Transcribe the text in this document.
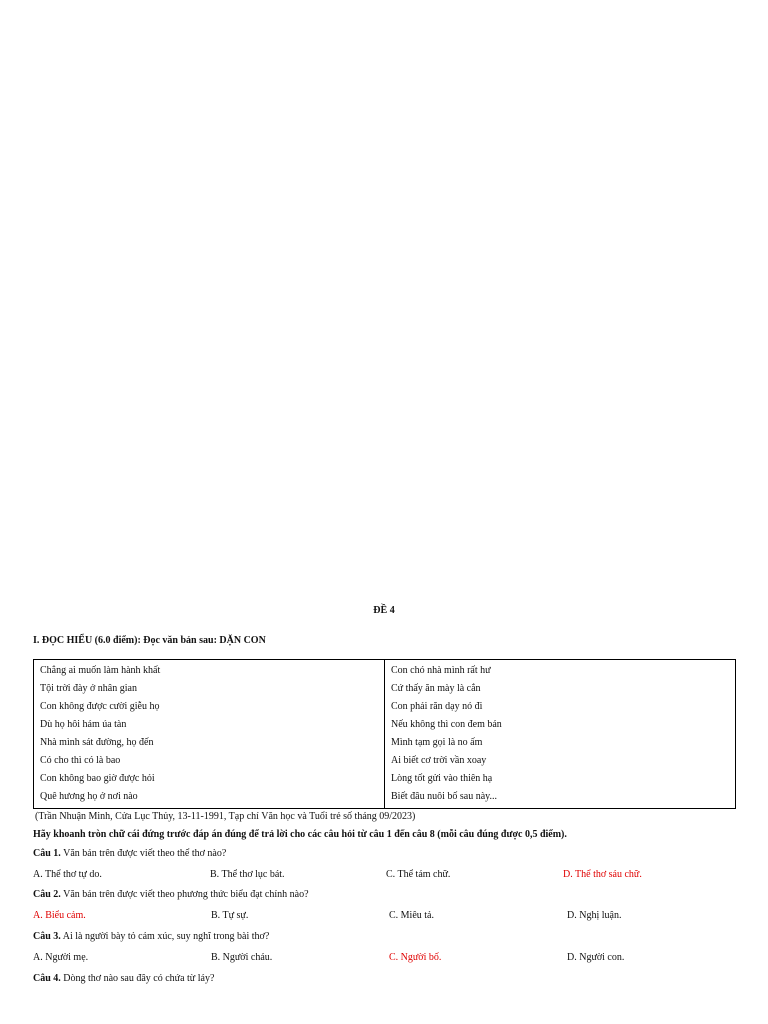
ĐỀ 4
I. ĐỌC HIỂU (6.0 điểm): Đọc văn bản sau: DẶN CON
Chẳng ai muốn làm hành khất
Tội trời đày ở nhân gian
Con không được cười giễu họ
Dù họ hôi hám úa tàn
Nhà mình sát đường, họ đến
Có cho thì có là bao
Con không bao giờ được hỏi
Quê hương họ ở nơi nào

Con chó nhà mình rất hư
Cứ thấy ăn mày là cắn
Con phải răn dạy nó đi
Nếu không thì con đem bán
Mình tạm gọi là no ấm
Ai biết cơ trời vần xoay
Lòng tốt gửi vào thiên hạ
Biết đâu nuôi bố sau này...
(Trần Nhuận Minh, Cửa Lục Thủy, 13-11-1991, Tạp chí Văn học và Tuổi trẻ số tháng 09/2023)
Hãy khoanh tròn chữ cái đứng trước đáp án đúng để trả lời cho các câu hỏi từ câu 1 đến câu 8 (mỗi câu đúng được 0,5 điểm).
Câu 1. Văn bản trên được viết theo thể thơ nào?
A. Thể thơ tự do.	B. Thể thơ lục bát.	C. Thể tám chữ.	D. Thể thơ sáu chữ.
Câu 2. Văn bản trên được viết theo phương thức biểu đạt chính nào?
A. Biểu cảm.	B. Tự sự.	C. Miêu tả.	D. Nghị luận.
Câu 3. Ai là người bày tỏ cảm xúc, suy nghĩ trong bài thơ?
A. Người mẹ.	B. Người cháu.	C. Người bố.	D. Người con.
Câu 4. Dòng thơ nào sau đây có chứa từ láy?
